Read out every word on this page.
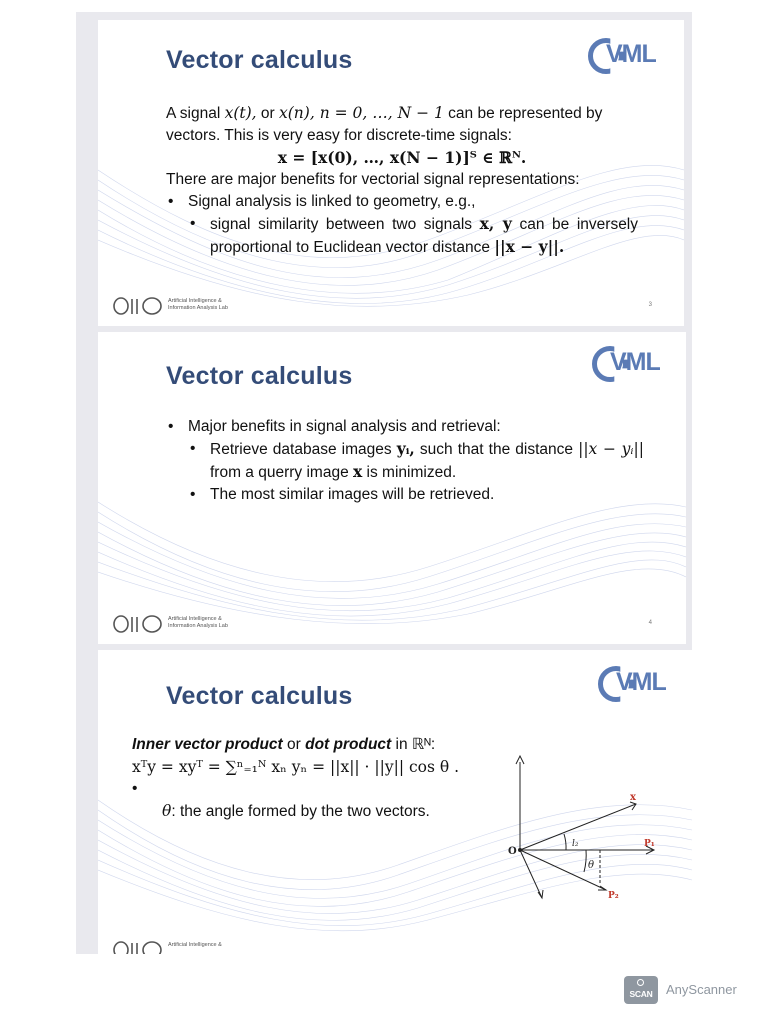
Vector calculus	VML

A signal x(t), or x(n), n = 0, …, N − 1 can be represented by

vectors. This is very easy for discrete-time signals:

x = [x(0), …, x(N − 1)]ᵀ ∈ ℝᴺ.

There are major benefits for vectorial signal representations:

• Signal analysis is linked to geometry, e.g.,

• signal similarity between two signals x, y can be inversely proportional to Euclidean vector distance ||x − y||.

Artificial Intelligence &
Information Analysis Lab	3
Vector calculus	VML

• Major benefits in signal analysis and retrieval:

• Retrieve database images yᵢ, such that the distance ||x − yᵢ|| from a querry image x is minimized.

• The most similar images will be retrieved.

Artificial Intelligence &
Information Analysis Lab	4
Vector calculus	VML

Inner vector product or dot product in ℝᴺ:

xᵀy = xyᵀ = ∑ⁿ₌₁ᴺ xₙ yₙ = ||x|| · ||y|| cos θ .

•

θ: the angle formed by the two vectors.

O
l₂
θ
x
P₁
P₂
Artificial Intelligence &
SCAN	AnyScanner
